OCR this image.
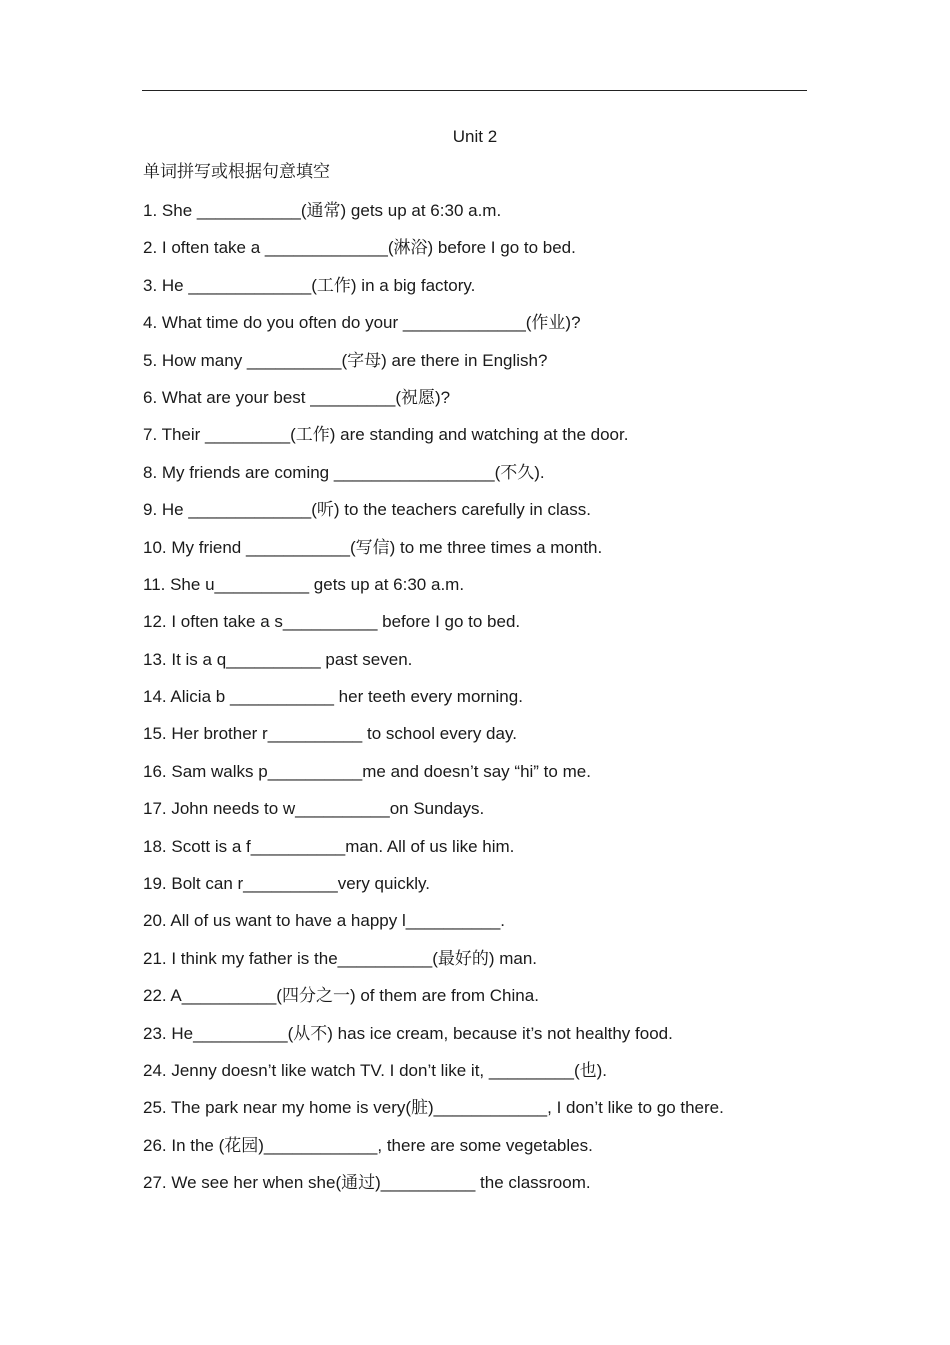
Unit 2
单词拼写或根据句意填空
1. She ___________(通常) gets up at 6:30 a.m.
2. I often take a _____________(淋浴) before I go to bed.
3. He _____________(工作) in a big factory.
4. What time do you often do your _____________(作业)?
5. How many __________(字母) are there in English?
6. What are your best _________(祝愿)?
7. Their _________(工作) are standing and watching at the door.
8. My friends are coming _________________(不久).
9. He _____________(听) to the teachers carefully in class.
10. My friend ___________(写信) to me three times a month.
11. She u__________ gets up at 6:30 a.m.
12. I often take a s__________ before I go to bed.
13. It is a q__________ past seven.
14. Alicia b ___________ her teeth every morning.
15. Her brother r__________ to school every day.
16. Sam walks p__________me and doesn’t say “hi” to me.
17. John needs to w__________on Sundays.
18. Scott is a f__________man. All of us like him.
19. Bolt can r__________very quickly.
20. All of us want to have a happy l__________.
21. I think my father is the__________(最好的) man.
22. A__________(四分之一) of them are from China.
23. He__________(从不) has ice cream, because it’s not healthy food.
24. Jenny doesn’t like watch TV. I don’t like it, _________(也).
25. The park near my home is very(脏)____________, I don’t like to go there.
26. In the (花园)____________, there are some vegetables.
27. We see her when she(通过)__________ the classroom.
